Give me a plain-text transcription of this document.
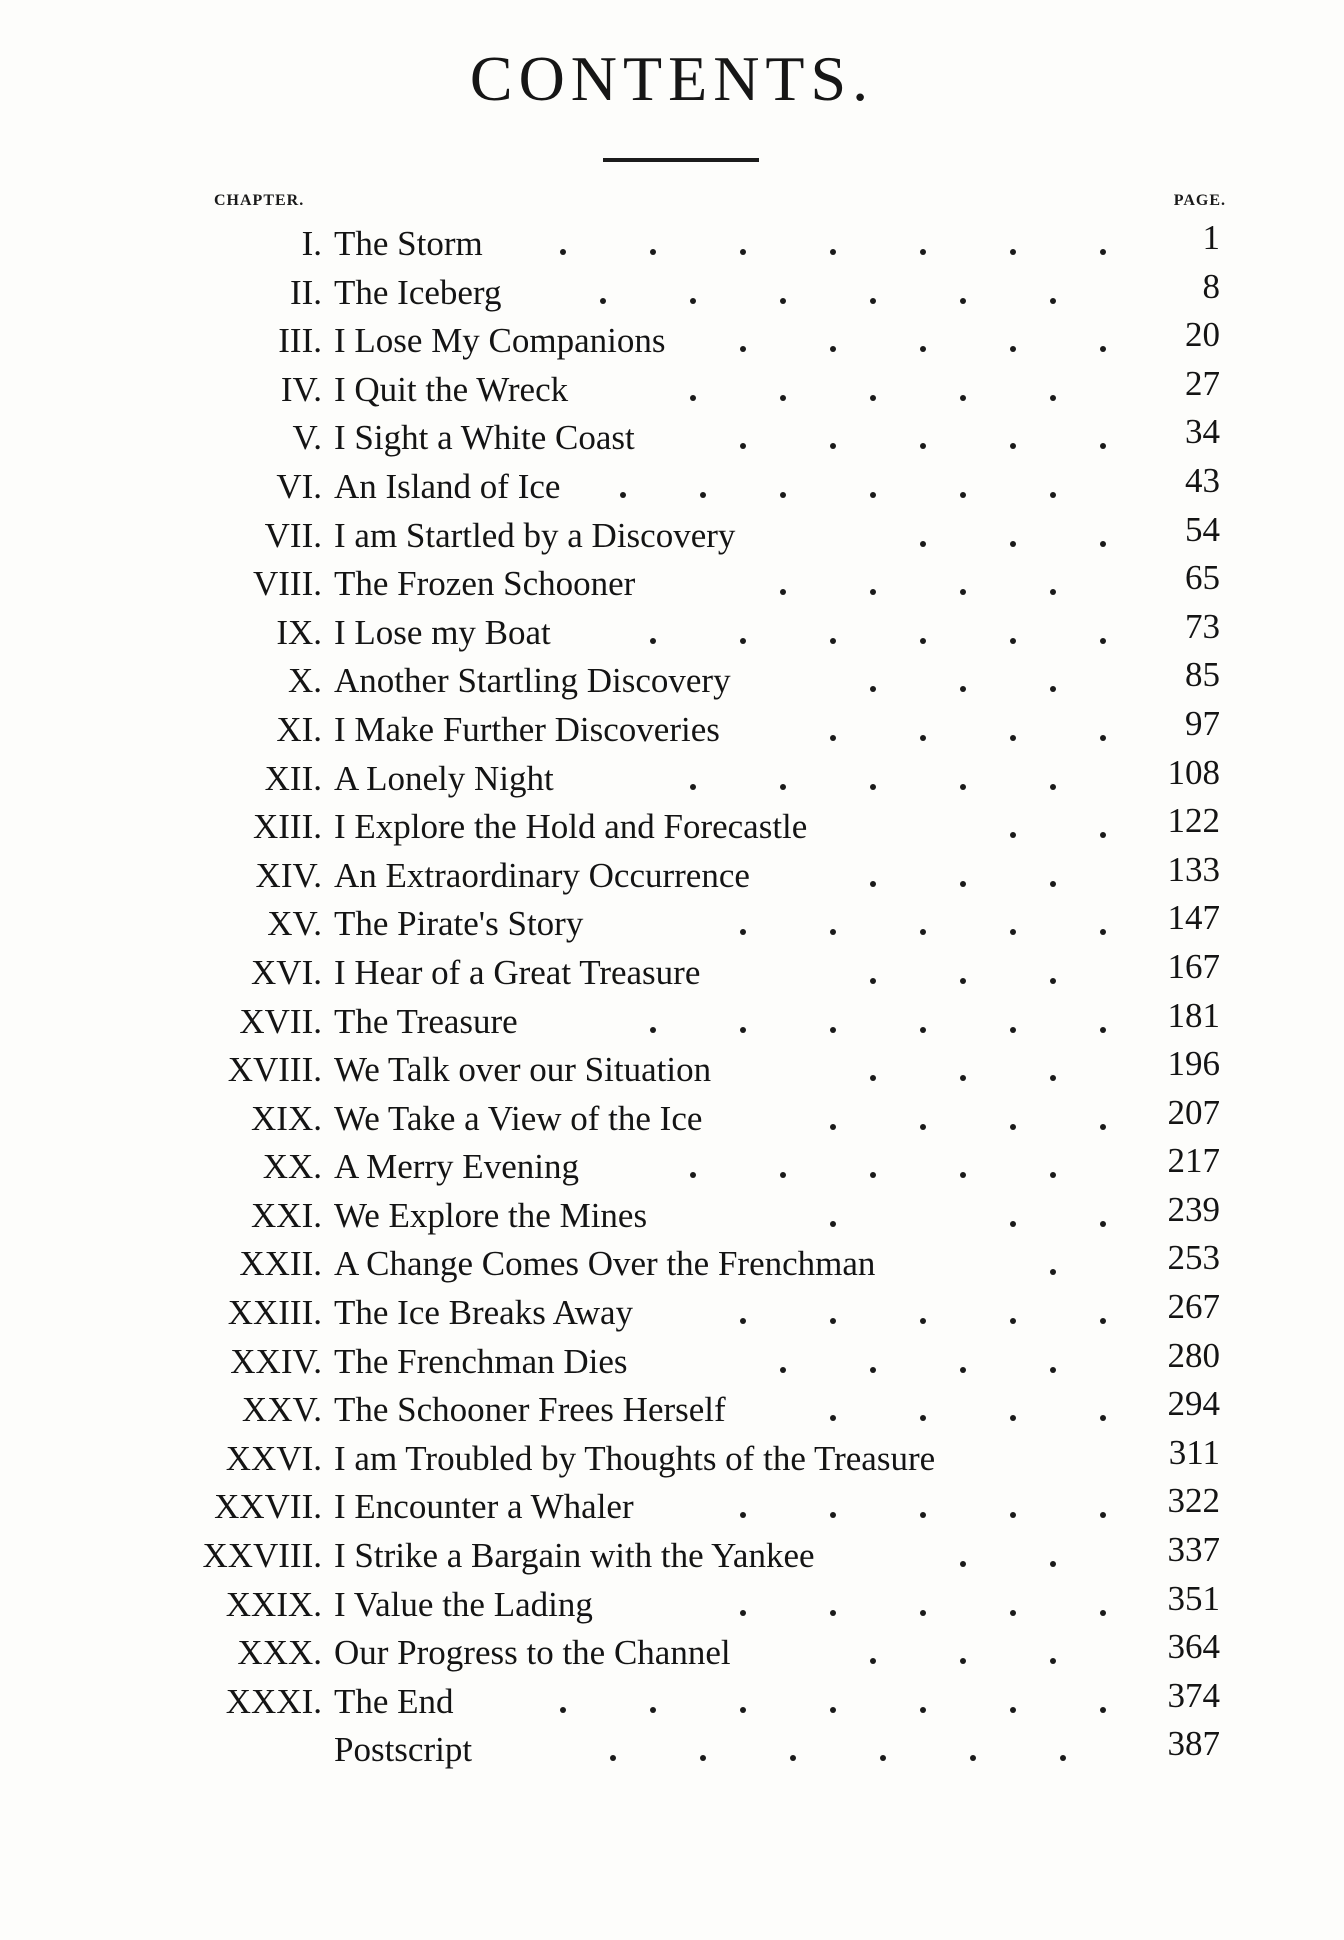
CONTENTS.
CHAPTER.	PAGE.
I. The Storm	1
II. The Iceberg	8
III. I Lose My Companions	20
IV. I Quit the Wreck	27
V. I Sight a White Coast	34
VI. An Island of Ice	43
VII. I am Startled by a Discovery	54
VIII. The Frozen Schooner	65
IX. I Lose my Boat	73
X. Another Startling Discovery	85
XI. I Make Further Discoveries	97
XII. A Lonely Night	108
XIII. I Explore the Hold and Forecastle	122
XIV. An Extraordinary Occurrence	133
XV. The Pirate's Story	147
XVI. I Hear of a Great Treasure	167
XVII. The Treasure	181
XVIII. We Talk over our Situation	196
XIX. We Take a View of the Ice	207
XX. A Merry Evening	217
XXI. We Explore the Mines	239
XXII. A Change Comes Over the Frenchman	253
XXIII. The Ice Breaks Away	267
XXIV. The Frenchman Dies	280
XXV. The Schooner Frees Herself	294
XXVI. I am Troubled by Thoughts of the Treasure	311
XXVII. I Encounter a Whaler	322
XXVIII. I Strike a Bargain with the Yankee	337
XXIX. I Value the Lading	351
XXX. Our Progress to the Channel	364
XXXI. The End	374
Postscript	387
